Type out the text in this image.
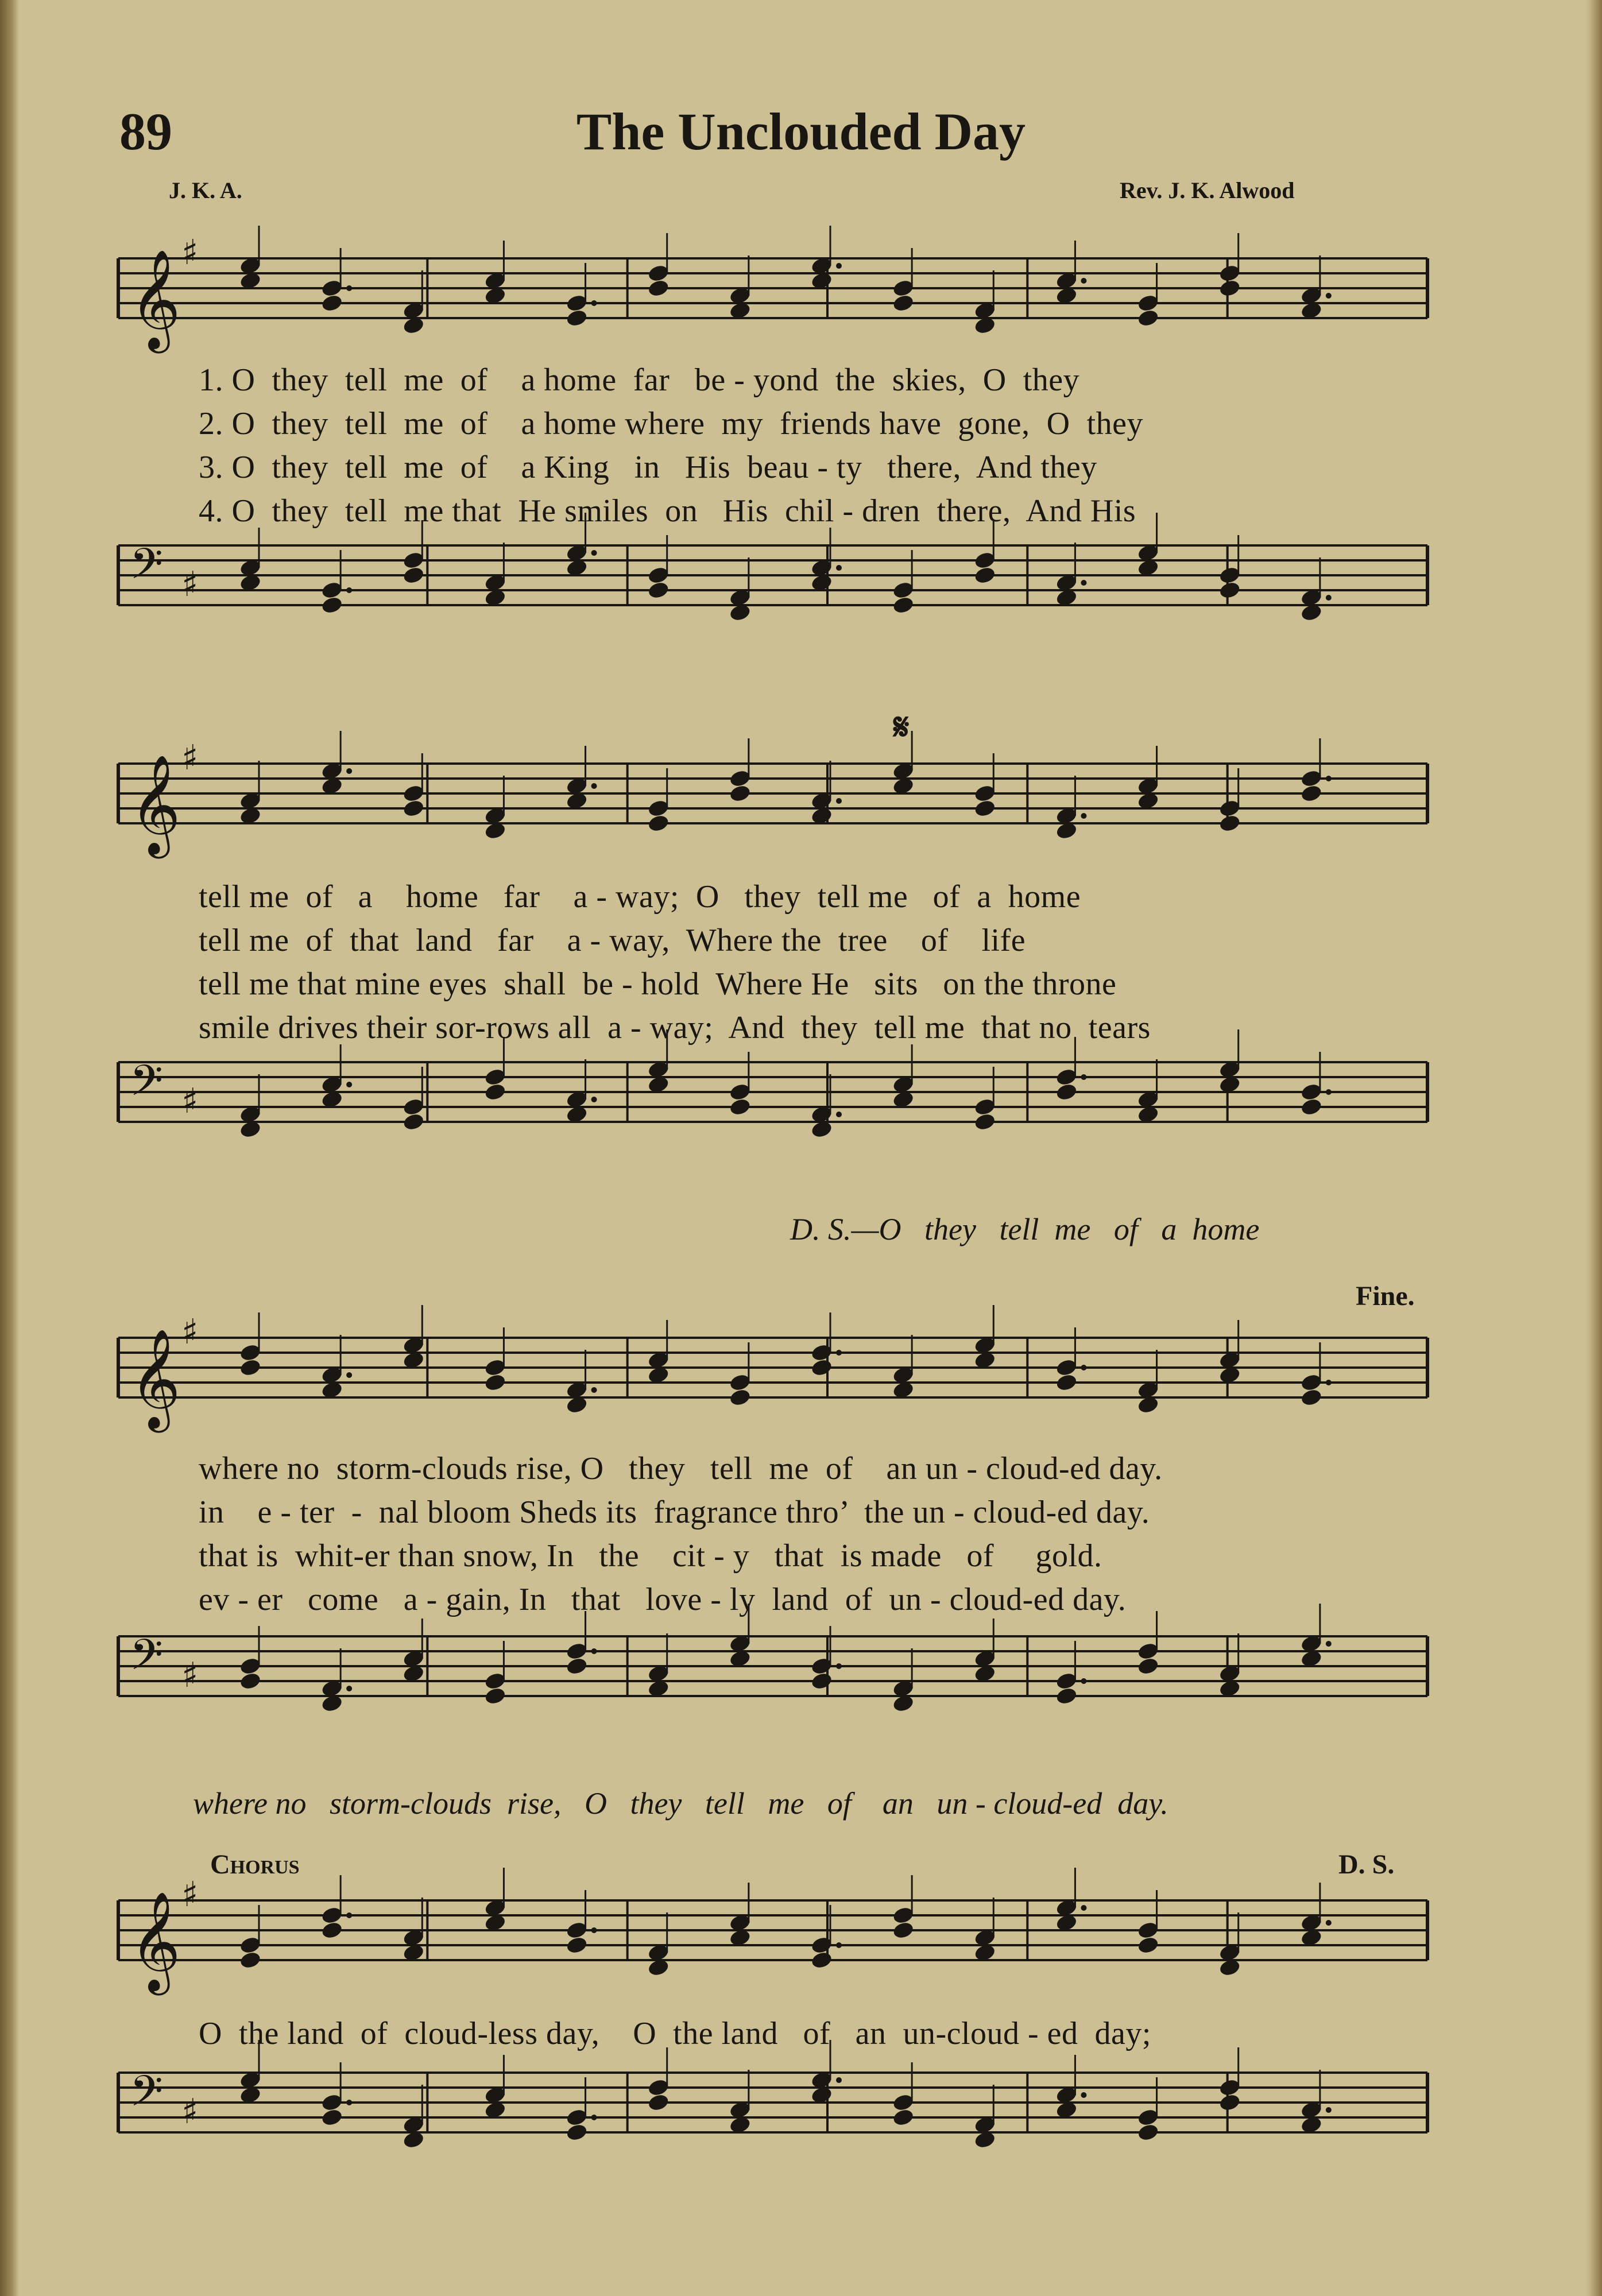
89	The Unclouded Day
J. K. A.	Rev. J. K. Alwood
𝄞 ♯
1. O  they  tell  me  of    a home  far   be - yond  the  skies,  O  they
2. O  they  tell  me  of    a home where  my  friends have  gone,  O  they
3. O  they  tell  me  of    a King   in   His  beau - ty   there,  And they
4. O  they  tell  me that  He smiles  on   His  chil - dren  there,  And His
𝄢 ♯
𝄋
𝄞 ♯
tell me  of   a    home   far    a - way;  O   they  tell me   of  a  home
tell me  of  that  land   far    a - way,  Where the  tree    of    life
tell me that mine eyes  shall  be - hold  Where He   sits   on the throne
smile drives their sor-rows all  a - way;  And  they  tell me  that no  tears
𝄢 ♯
D. S.—O   they   tell  me   of   a  home
Fine.
𝄞 ♯
where no  storm-clouds rise, O   they   tell  me  of    an un - cloud-ed day.
in    e - ter  -  nal bloom Sheds its  fragrance thro’  the un - cloud-ed day.
that is  whit-er than snow, In   the    cit - y   that  is made   of     gold.
ev - er   come   a - gain, In   that   love - ly  land  of  un - cloud-ed day.
𝄢 ♯
where no   storm-clouds  rise,   O   they   tell   me   of    an   un - cloud-ed  day.
Chorus	D. S.
𝄞 ♯
O  the land  of  cloud-less day,    O  the land   of   an  un-cloud - ed  day;
𝄢 ♯
